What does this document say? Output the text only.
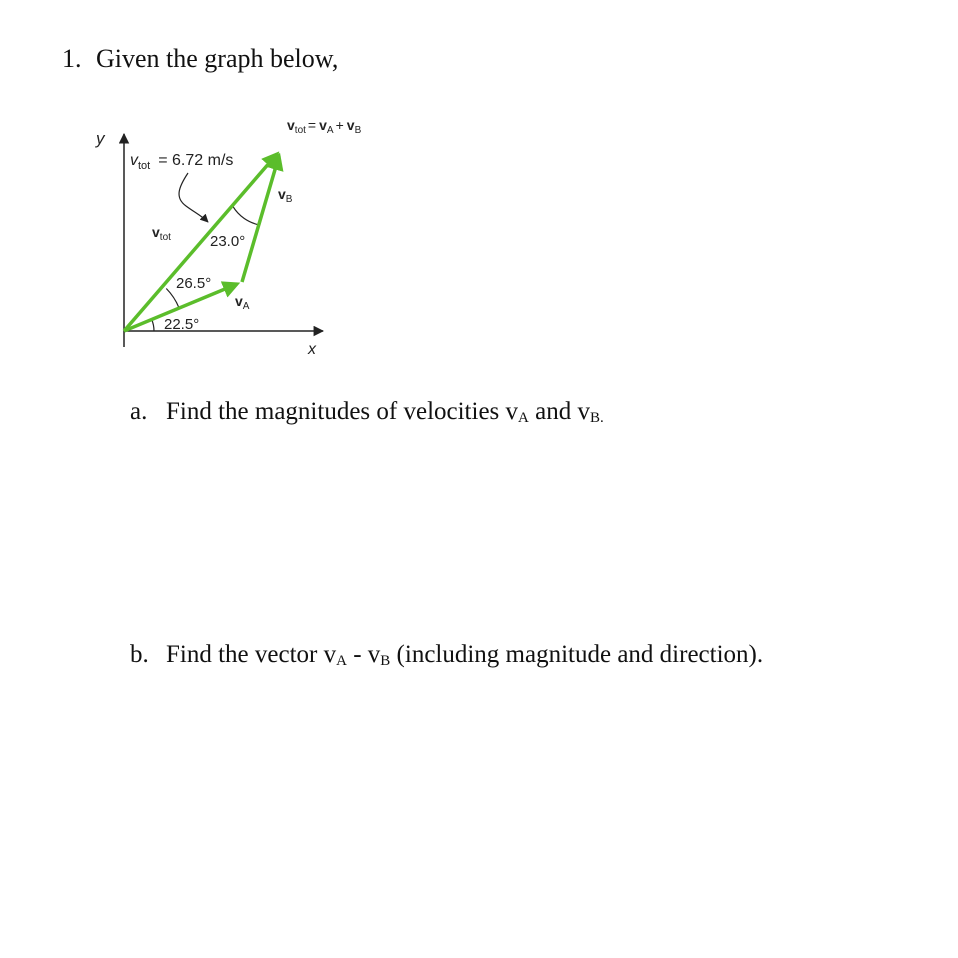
1. Given the graph below,
y
x
$v_{tot} = v_A + v_B$
$v_{tot} = 6.72$ m/s
$v_{tot}$
$v_B$
$v_A$
23.0°
26.5°
22.5°
a. Find the magnitudes of velocities $v_A$ and $v_{B.}$
b. Find the vector $v_A - v_B$ (including magnitude and direction).
